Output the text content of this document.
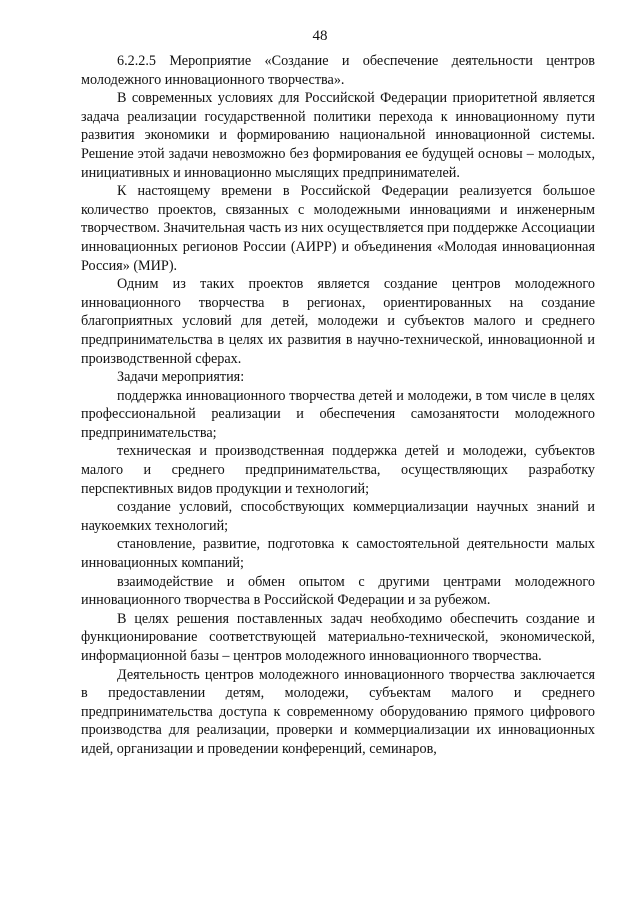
48

6.2.2.5 Мероприятие «Создание и обеспечение деятельности центров молодежного инновационного творчества».

В современных условиях для Российской Федерации приоритетной является задача реализации государственной политики перехода к инновационному пути развития экономики и формированию национальной инновационной системы. Решение этой задачи невозможно без формирования ее будущей основы – молодых, инициативных и инновационно мыслящих предпринимателей.

К настоящему времени в Российской Федерации реализуется большое количество проектов, связанных с молодежными инновациями и инженерным творчеством. Значительная часть из них осуществляется при поддержке Ассоциации инновационных регионов России (АИРР) и объединения «Молодая инновационная Россия» (МИР).

Одним из таких проектов является создание центров молодежного инновационного творчества в регионах, ориентированных на создание благоприятных условий для детей, молодежи и субъектов малого и среднего предпринимательства в целях их развития в научно-технической, инновационной и производственной сферах.

Задачи мероприятия:

поддержка инновационного творчества детей и молодежи, в том числе в целях профессиональной реализации и обеспечения самозанятости молодежного предпринимательства;

техническая и производственная поддержка детей и молодежи, субъектов малого и среднего предпринимательства, осуществляющих разработку перспективных видов продукции и технологий;

создание условий, способствующих коммерциализации научных знаний и наукоемких технологий;

становление, развитие, подготовка к самостоятельной деятельности малых инновационных компаний;

взаимодействие и обмен опытом с другими центрами молодежного инновационного творчества в Российской Федерации и за рубежом.

В целях решения поставленных задач необходимо обеспечить создание и функционирование соответствующей материально-технической, экономической, информационной базы – центров молодежного инновационного творчества.

Деятельность центров молодежного инновационного творчества заключается в предоставлении детям, молодежи, субъектам малого и среднего предпринимательства доступа к современному оборудованию прямого цифрового производства для реализации, проверки и коммерциализации их инновационных идей, организации и проведении конференций, семинаров,
